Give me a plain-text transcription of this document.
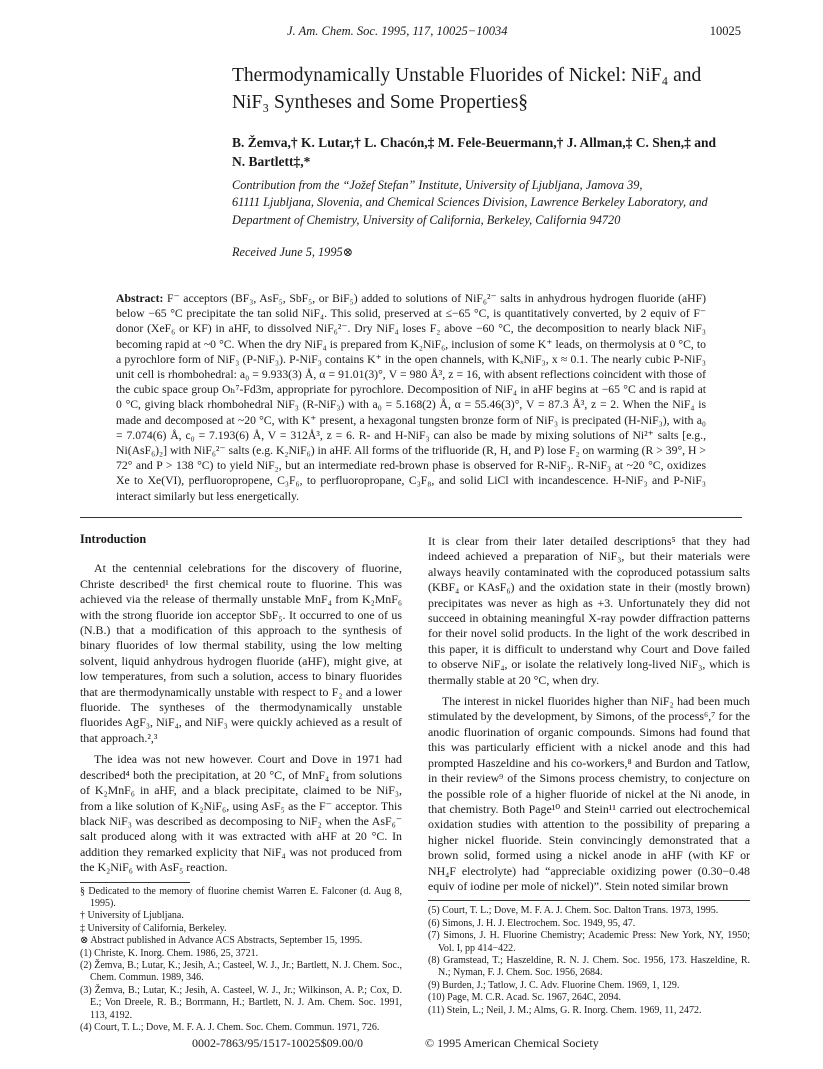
J. Am. Chem. Soc. 1995, 117, 10025−10034	10025
Thermodynamically Unstable Fluorides of Nickel: NiF₄ and
NiF₃ Syntheses and Some Properties§
B. Žemva,† K. Lutar,† L. Chacón,‡ M. Fele-Beuermann,† J. Allman,‡ C. Shen,‡ and
N. Bartlett‡,*
Contribution from the “Jožef Stefan” Institute, University of Ljubljana, Jamova 39,
61111 Ljubljana, Slovenia, and Chemical Sciences Division, Lawrence Berkeley Laboratory, and
Department of Chemistry, University of California, Berkeley, California 94720
Received June 5, 1995⊗
Abstract: F⁻ acceptors (BF₃, AsF₅, SbF₅, or BiF₅) added to solutions of NiF₆²⁻ salts in anhydrous hydrogen fluoride (aHF) below −65 °C precipitate the tan solid NiF₄. This solid, preserved at ≤−65 °C, is quantitatively converted, by 2 equiv of F⁻ donor (XeF₆ or KF) in aHF, to dissolved NiF₆²⁻. Dry NiF₄ loses F₂ above −60 °C, the decomposition to nearly black NiF₃ becoming rapid at ~0 °C. When the dry NiF₄ is prepared from K₂NiF₆, inclusion of some K⁺ leads, on thermolysis at 0 °C, to a pyrochlore form of NiF₃ (P-NiF₃). P-NiF₃ contains K⁺ in the open channels, with KₓNiF₃, x ≈ 0.1. The nearly cubic P-NiF₃ unit cell is rhombohedral: a₀ = 9.933(3) Å, α = 91.01(3)°, V = 980 Å³, z = 16, with absent reflections coincident with those of the cubic space group Oₕ⁷-Fd3m, appropriate for pyrochlore. Decomposition of NiF₄ in aHF begins at −65 °C and is rapid at 0 °C, giving black rhombohedral NiF₃ (R-NiF₃) with a₀ = 5.168(2) Å, α = 55.46(3)°, V = 87.3 Å³, z = 2. When the NiF₄ is made and decomposed at ~20 °C, with K⁺ present, a hexagonal tungsten bronze form of NiF₃ is precipated (H-NiF₃), with a₀ = 7.074(6) Å, c₀ = 7.193(6) Å, V = 312Å³, z = 6. R- and H-NiF₃ can also be made by mixing solutions of Ni²⁺ salts [e.g., Ni(AsF₆)₂] with NiF₆²⁻ salts (e.g. K₂NiF₆) in aHF. All forms of the trifluoride (R, H, and P) lose F₂ on warming (R > 39°, H > 72° and P > 138 °C) to yield NiF₂, but an intermediate red-brown phase is observed for R-NiF₃. R-NiF₃ at ~20 °C, oxidizes Xe to Xe(VI), perfluoropropene, C₃F₆, to perfluoropropane, C₃F₈, and solid LiCl with incandescence. H-NiF₃ and P-NiF₃ interact similarly but less energetically.
Introduction

At the centennial celebrations for the discovery of fluorine, Christe described¹ the first chemical route to fluorine. This was achieved via the release of thermally unstable MnF₄ from K₂MnF₆ with the strong fluoride ion acceptor SbF₅. It occurred to one of us (N.B.) that a modification of this approach to the synthesis of binary fluorides of low thermal stability, using the low melting solvent, liquid anhydrous hydrogen fluoride (aHF), might give, at low temperatures, from such a solution, access to binary fluorides that are thermodynamically unstable with respect to F₂ and a lower fluoride. The syntheses of the thermodynamically unstable fluorides AgF₃, NiF₄, and NiF₃ were quickly achieved as a result of that approach.²,³

The idea was not new however. Court and Dove in 1971 had described⁴ both the precipitation, at 20 °C, of MnF₄ from solutions of K₂MnF₆ in aHF, and a black precipitate, claimed to be NiF₃, from a like solution of K₂NiF₆, using AsF₅ as the F⁻ acceptor. This black NiF₃ was described as decomposing to NiF₂ when the AsF₆⁻ salt produced along with it was extracted with aHF at 20 °C. In addition they remarked explicity that NiF₄ was not produced from the K₂NiF₆ with AsF₅ reaction.

§ Dedicated to the memory of fluorine chemist Warren E. Falconer (d. Aug 8, 1995).
† University of Ljubljana.
‡ University of California, Berkeley.
⊗ Abstract published in Advance ACS Abstracts, September 15, 1995.
(1) Christe, K. Inorg. Chem. 1986, 25, 3721.
(2) Žemva, B.; Lutar, K.; Jesih, A.; Casteel, W. J., Jr.; Bartlett, N. J. Chem. Soc., Chem. Commun. 1989, 346.
(3) Žemva, B.; Lutar, K.; Jesih, A. Casteel, W. J., Jr.; Wilkinson, A. P.; Cox, D. E.; Von Dreele, R. B.; Borrmann, H.; Bartlett, N. J. Am. Chem. Soc. 1991, 113, 4192.
(4) Court, T. L.; Dove, M. F. A. J. Chem. Soc. Chem. Commun. 1971, 726.

It is clear from their later detailed descriptions⁵ that they had indeed achieved a preparation of NiF₃, but their materials were always heavily contaminated with the coproduced potassium salts (KBF₄ or KAsF₆) and the oxidation state in their (mostly brown) precipitates was never as high as +3. Unfortunately they did not succeed in obtaining meaningful X-ray powder diffraction patterns for their novel solid products. In the light of the work described in this paper, it is difficult to understand why Court and Dove failed to observe NiF₄, or isolate the relatively long-lived NiF₃, which is thermally stable at 20 °C, when dry.

The interest in nickel fluorides higher than NiF₂ had been much stimulated by the development, by Simons, of the process⁶,⁷ for the anodic fluorination of organic compounds. Simons had found that this was particularly efficient with a nickel anode and this had prompted Haszeldine and his co-workers,⁸ and Burdon and Tatlow, in their review⁹ of the Simons process chemistry, to conjecture on the possible role of a higher fluoride of nickel at the Ni anode, in that chemistry. Both Page¹⁰ and Stein¹¹ carried out electrochemical oxidation studies with attention to the possibility of preparing a higher nickel fluoride. Stein convincingly demonstrated that a brown solid, formed using a nickel anode in aHF (with KF or NH₄F electrolyte) had “appreciable oxidizing power (0.30−0.48 equiv of iodine per mole of nickel)”. Stein noted similar brown

(5) Court, T. L.; Dove, M. F. A. J. Chem. Soc. Dalton Trans. 1973, 1995.
(6) Simons, J. H. J. Electrochem. Soc. 1949, 95, 47.
(7) Simons, J. H. Fluorine Chemistry; Academic Press: New York, NY, 1950; Vol. I, pp 414−422.
(8) Gramstead, T.; Haszeldine, R. N. J. Chem. Soc. 1956, 173. Haszeldine, R. N.; Nyman, F. J. Chem. Soc. 1956, 2684.
(9) Burden, J.; Tatlow, J. C. Adv. Fluorine Chem. 1969, 1, 129.
(10) Page, M. C.R. Acad. Sc. 1967, 264C, 2094.
(11) Stein, L.; Neil, J. M.; Alms, G. R. Inorg. Chem. 1969, 11, 2472.
0002-7863/95/1517-10025$09.00/0	© 1995 American Chemical Society
